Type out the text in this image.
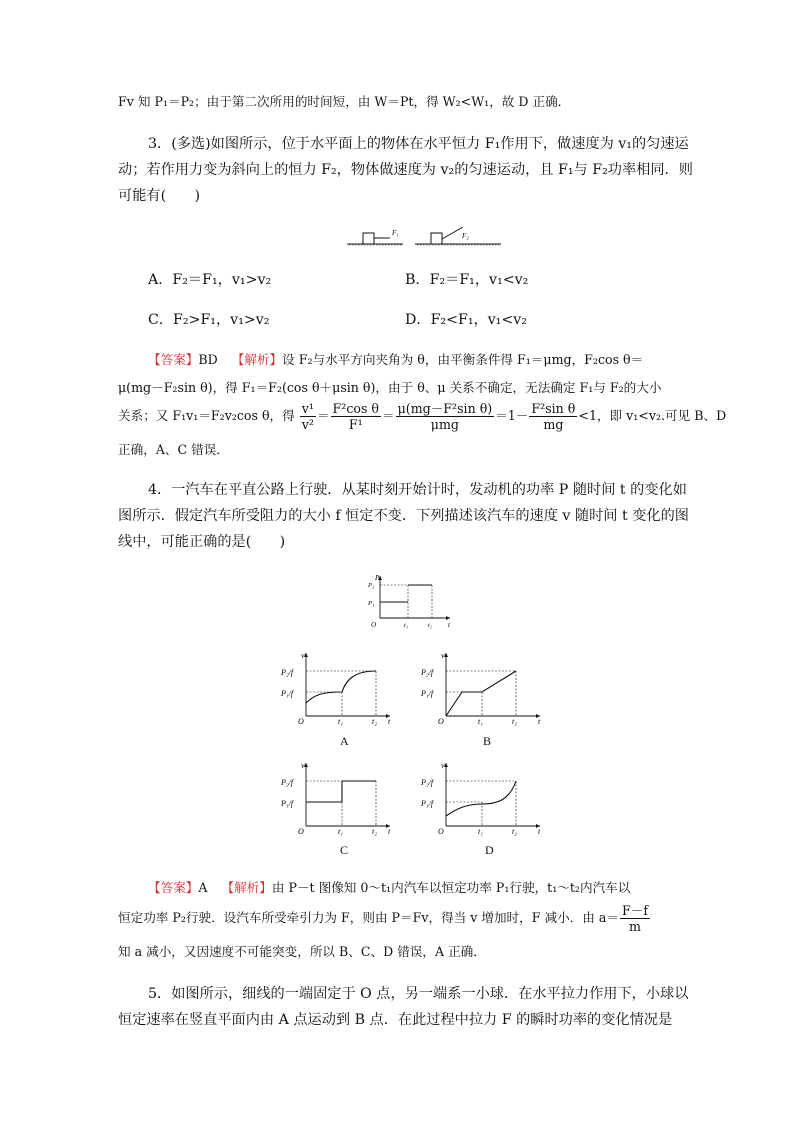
Fv 知 P₁＝P₂；由于第二次所用的时间短，由 W＝Pt，得 W₂<W₁，故 D 正确．
3．(多选)如图所示，位于水平面上的物体在水平恒力 F₁作用下，做速度为 v₁的匀速运
动；若作用力变为斜向上的恒力 F₂，物体做速度为 v₂的匀速运动，且 F₁与 F₂功率相同．则
可能有(　　)
F₁	F₂
A．F₂＝F₁，v₁>v₂	B．F₂＝F₁，v₁<v₂
C．F₂>F₁，v₁>v₂	D．F₂<F₁，v₁<v₂
【答案】BD 【解析】设 F₂与水平方向夹角为 θ，由平衡条件得 F₁＝μmg，F₂cos θ＝
μ(mg－F₂sin θ)，得 F₁＝F₂(cos θ＋μsin θ)，由于 θ、μ 关系不确定，无法确定 F₁与 F₂的大小
关系；又 F₁v₁＝F₂v₂cos θ，得 $\frac{\text{v¹}}{\text{v²}} = \frac{\text{F²cos θ}}{\text{F¹}} = \frac{\text{μ(mg－F²sin θ)}}{\text{μmg}} =1- \frac{\text{F²sin θ}}{mg} <1$，即 v₁<v₂.可见 B、D
正确，A、C 错误．
4．一汽车在平直公路上行驶．从某时刻开始计时，发动机的功率 P 随时间 t 的变化如
图所示．假定汽车所受阻力的大小 f 恒定不变．下列描述该汽车的速度 v 随时间 t 变化的图
线中，可能正确的是(　　)
P
t
O
P₂
P₁
t₁	t₂
v
t
O
P₂/f
P₁/f
t₁	t₂
A
v
t
O
P₂/f
P₁/f
t₁	t₂
B
v
t
O
P₂/f
P₁/f
t₁	t₂
C
v
t
O
P₂/f
P₁/f
t₁	t₂
D
【答案】A 【解析】由 P－t 图像知 0～t₁内汽车以恒定功率 P₁行驶，t₁～t₂内汽车以
恒定功率 P₂行驶．设汽车所受牵引力为 F，则由 P＝Fv，得当 v 增加时，F 减小．由 $a= \frac{F-f}{m}$
知 a 减小，又因速度不可能突变，所以 B、C、D 错误，A 正确．
5．如图所示，细线的一端固定于 O 点，另一端系一小球．在水平拉力作用下，小球以
恒定速率在竖直平面内由 A 点运动到 B 点．在此过程中拉力 F 的瞬时功率的变化情况是
